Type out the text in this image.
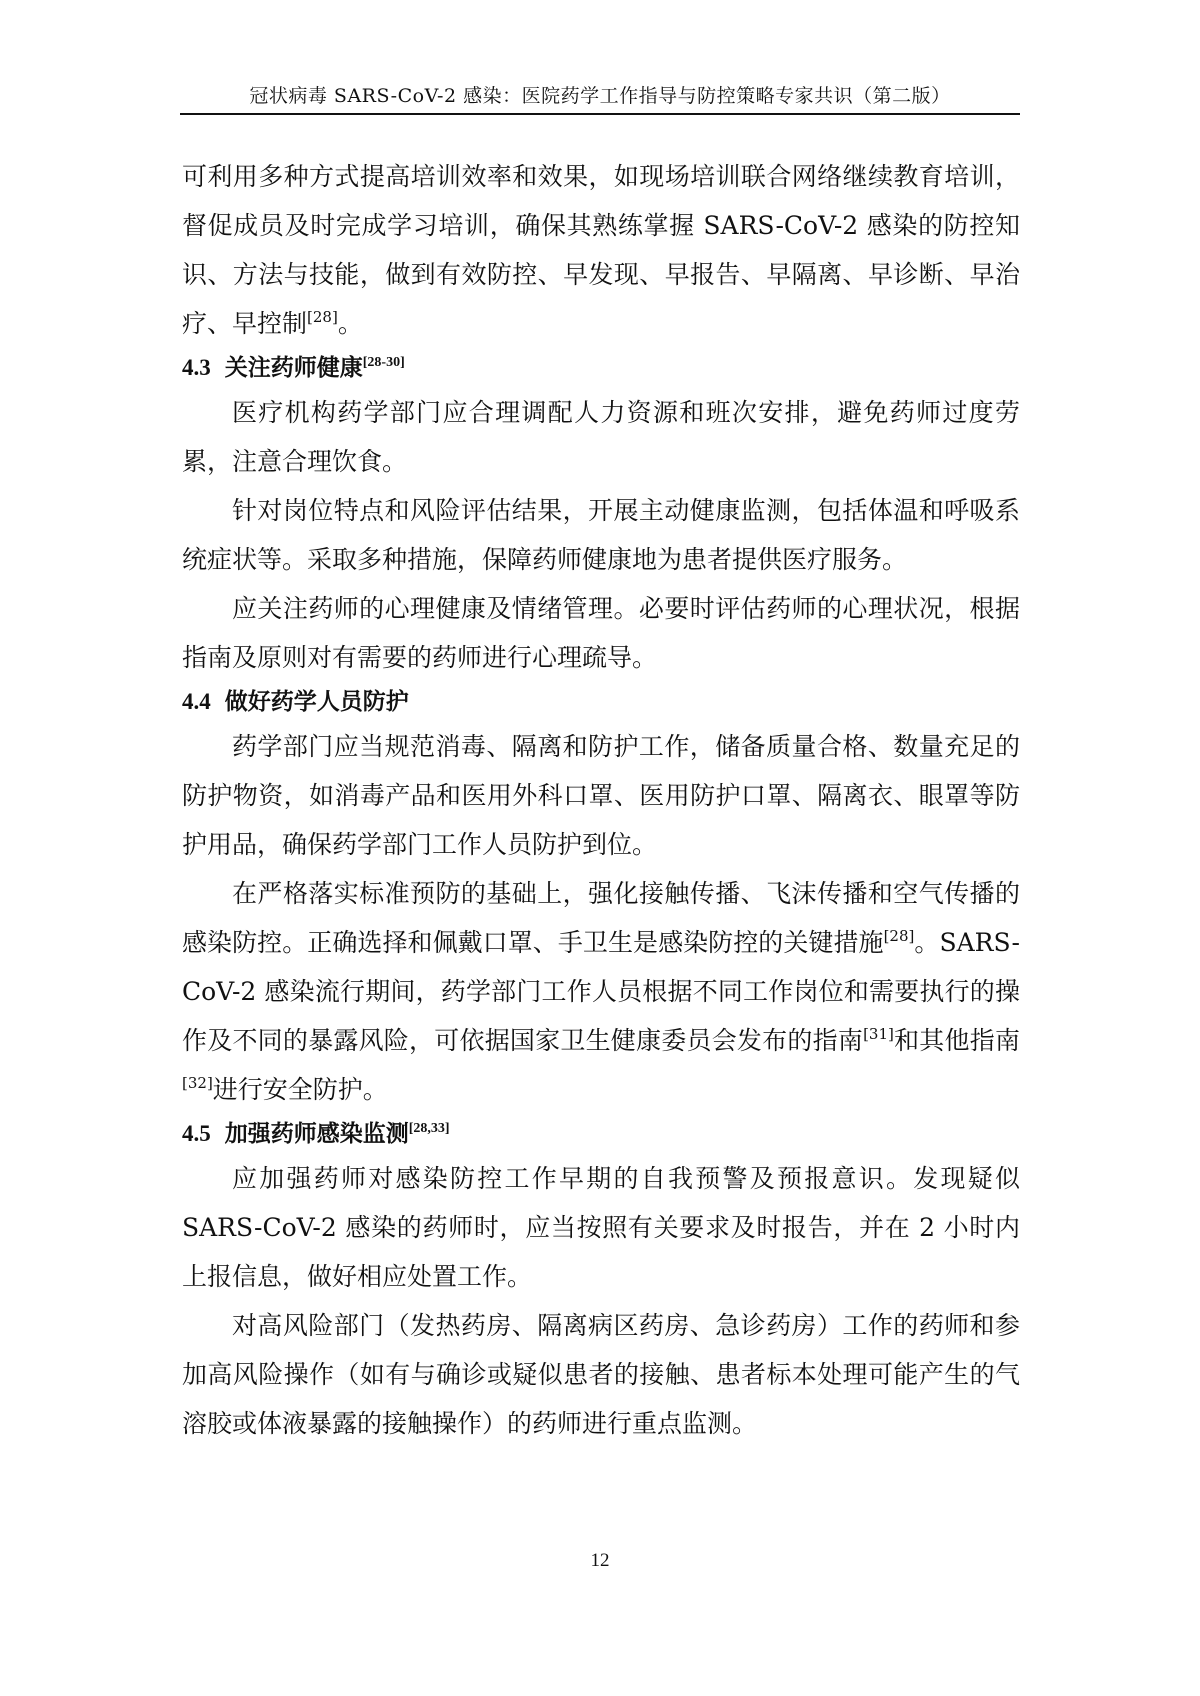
冠状病毒 SARS-CoV-2 感染：医院药学工作指导与防控策略专家共识（第二版）

可利用多种方式提高培训效率和效果，如现场培训联合网络继续教育培训，督促成员及时完成学习培训，确保其熟练掌握 SARS-CoV-2 感染的防控知识、方法与技能，做到有效防控、早发现、早报告、早隔离、早诊断、早治疗、早控制[28]。

4.3 关注药师健康[28-30]

医疗机构药学部门应合理调配人力资源和班次安排，避免药师过度劳累，注意合理饮食。

针对岗位特点和风险评估结果，开展主动健康监测，包括体温和呼吸系统症状等。采取多种措施，保障药师健康地为患者提供医疗服务。

应关注药师的心理健康及情绪管理。必要时评估药师的心理状况，根据指南及原则对有需要的药师进行心理疏导。

4.4 做好药学人员防护

药学部门应当规范消毒、隔离和防护工作，储备质量合格、数量充足的防护物资，如消毒产品和医用外科口罩、医用防护口罩、隔离衣、眼罩等防护用品，确保药学部门工作人员防护到位。

在严格落实标准预防的基础上，强化接触传播、飞沫传播和空气传播的感染防控。正确选择和佩戴口罩、手卫生是感染防控的关键措施[28]。SARS-CoV-2 感染流行期间，药学部门工作人员根据不同工作岗位和需要执行的操作及不同的暴露风险，可依据国家卫生健康委员会发布的指南[31]和其他指南[32]进行安全防护。

4.5 加强药师感染监测[28,33]

应加强药师对感染防控工作早期的自我预警及预报意识。发现疑似 SARS-CoV-2 感染的药师时，应当按照有关要求及时报告，并在 2 小时内上报信息，做好相应处置工作。

对高风险部门（发热药房、隔离病区药房、急诊药房）工作的药师和参加高风险操作（如有与确诊或疑似患者的接触、患者标本处理可能产生的气溶胶或体液暴露的接触操作）的药师进行重点监测。

12
